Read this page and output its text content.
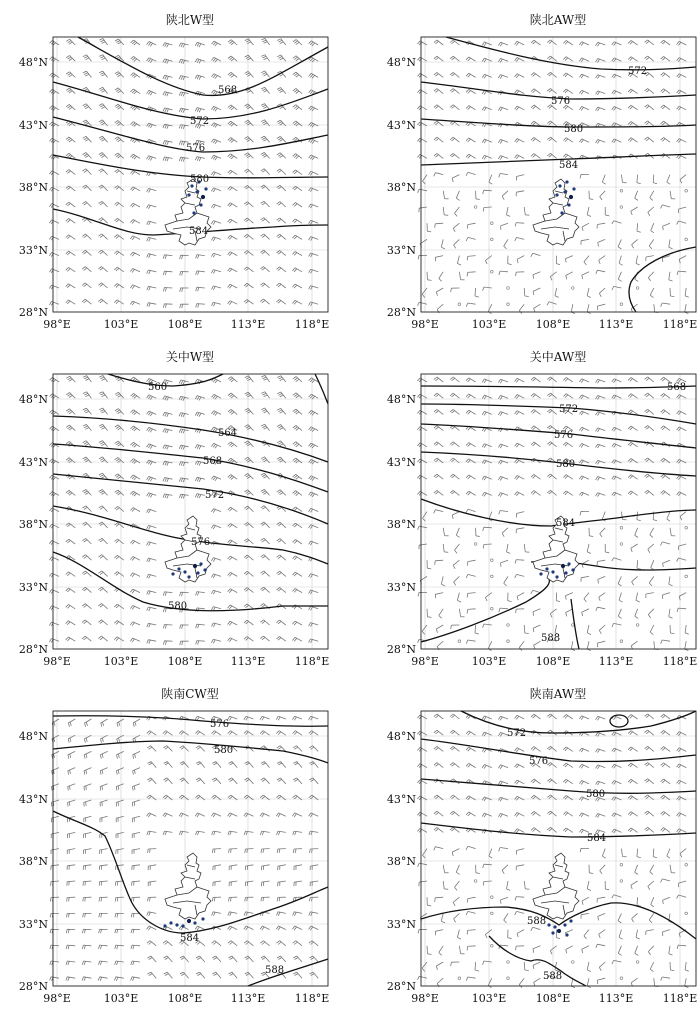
陕北W型
568
572
576
580
584
48°N
43°N
38°N
33°N
28°N
98°E	103°E	108°E	113°E	118°E
陕北AW型
572
576
580
584
48°N
43°N
38°N
33°N
28°N
98°E	103°E	108°E	113°E	118°E
关中W型
560
564
568
572
576
580
48°N
43°N
38°N
33°N
28°N
98°E	103°E	108°E	113°E	118°E
关中AW型
568
572
576
580
584
588
48°N
43°N
38°N
33°N
28°N
98°E	103°E	108°E	113°E	118°E
陕南CW型
576
580
584
588
48°N
43°N
38°N
33°N
28°N
98°E	103°E	108°E	113°E	118°E
陕南AW型
572
576
580
584
588
588
48°N
43°N
38°N
33°N
28°N
98°E	103°E	108°E	113°E	118°E
